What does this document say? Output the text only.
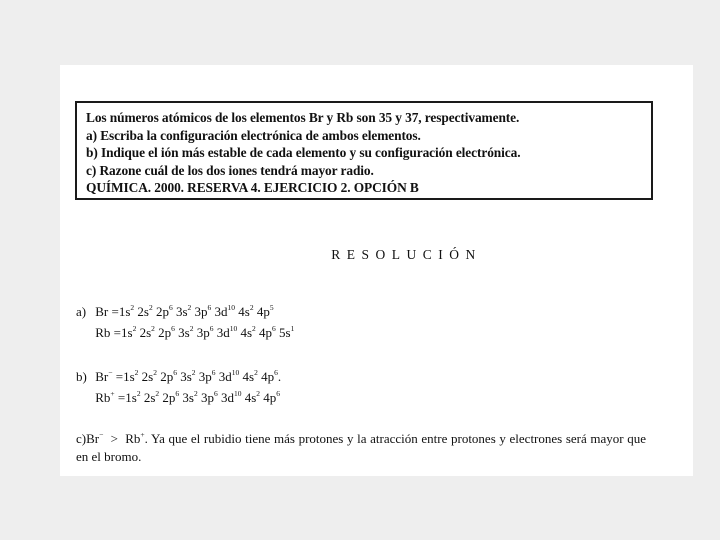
Los números atómicos de los elementos Br y Rb son 35 y 37, respectivamente.
a) Escriba la configuración electrónica de ambos elementos.
b) Indique el ión más estable de cada elemento y su configuración electrónica.
c) Razone cuál de los dos iones tendrá mayor radio.
QUÍMICA. 2000. RESERVA 4. EJERCICIO 2. OPCIÓN B
RESOLUCIÓN
a) $Br =1s^2$ $2s^2$ $2p^6$ $3s^2$ $3p^6$ $3d^{10}$ $4s^2$ $4p^5$
$Rb =1s^2$ $2s^2$ $2p^6$ $3s^2$ $3p^6$ $3d^{10}$ $4s^2$ $4p^6$ $5s^1$
b) $Br^- =1s^2$ $2s^2$ $2p^6$ $3s^2$ $3p^6$ $3d^{10}$ $4s^2$ $4p^6$.
$Rb^+ =1s^2$ $2s^2$ $2p^6$ $3s^2$ $3p^6$ $3d^{10}$ $4s^2$ $4p^6$
c)Br− > Rb+. Ya que el rubidio tiene más protones y la atracción entre protones y electrones será mayor que en el bromo.
